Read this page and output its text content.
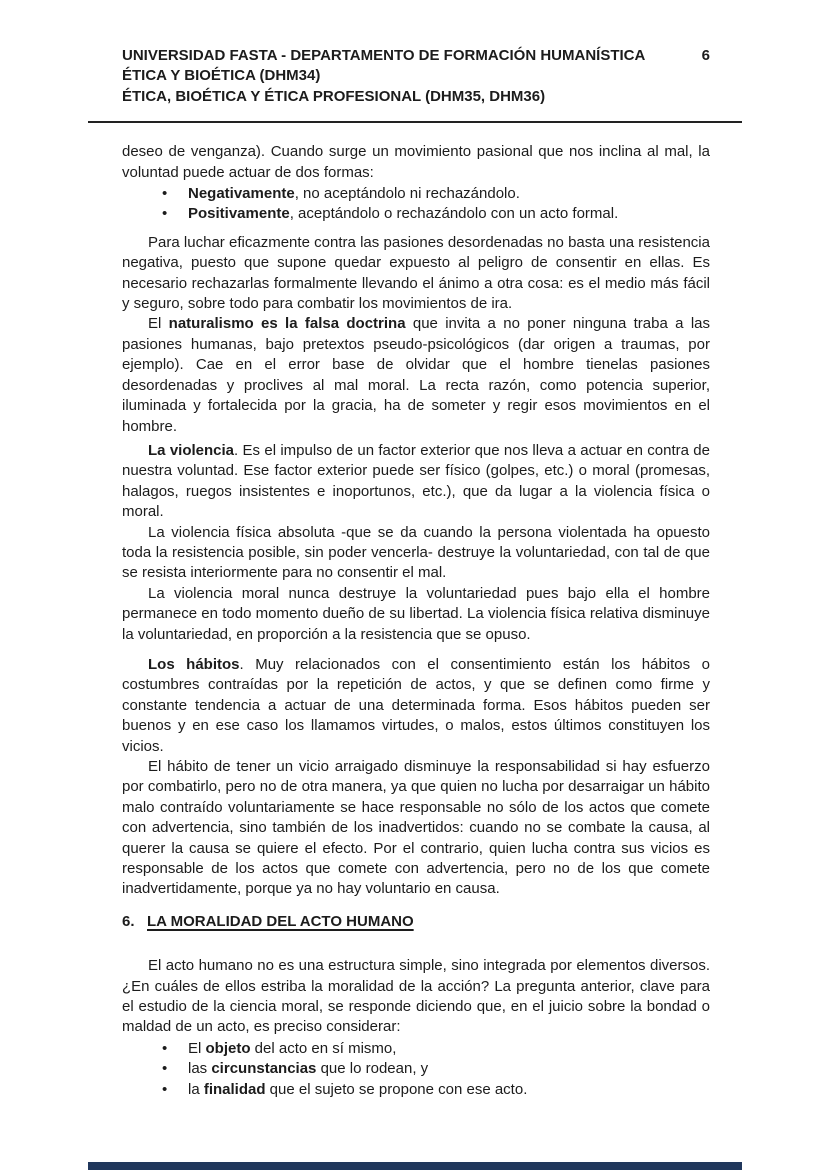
UNIVERSIDAD FASTA - DEPARTAMENTO DE FORMACIÓN HUMANÍSTICA	6
ÉTICA Y BIOÉTICA (DHM34)
ÉTICA, BIOÉTICA Y ÉTICA PROFESIONAL (DHM35, DHM36)

deseo de venganza). Cuando surge un movimiento pasional que nos inclina al mal, la voluntad puede actuar de dos formas:

•	Negativamente, no aceptándolo ni rechazándolo.
•	Positivamente, aceptándolo o rechazándolo con un acto formal.

Para luchar eficazmente contra las pasiones desordenadas no basta una resistencia negativa, puesto que supone quedar expuesto al peligro de consentir en ellas. Es necesario rechazarlas formalmente llevando el ánimo a otra cosa: es el medio más fácil y seguro, sobre todo para combatir los movimientos de ira.

El naturalismo es la falsa doctrina que invita a no poner ninguna traba a las pasiones humanas, bajo pretextos pseudo-psicológicos (dar origen a traumas, por ejemplo). Cae en el error base de olvidar que el hombre tienelas pasiones desordenadas y proclives al mal moral. La recta razón, como potencia superior, iluminada y fortalecida por la gracia, ha de someter y regir esos movimientos en el hombre.

La violencia. Es el impulso de un factor exterior que nos lleva a actuar en contra de nuestra voluntad. Ese factor exterior puede ser físico (golpes, etc.) o moral (promesas, halagos, ruegos insistentes e inoportunos, etc.), que da lugar a la violencia física o moral.

La violencia física absoluta -que se da cuando la persona violentada ha opuesto toda la resistencia posible, sin poder vencerla- destruye la voluntariedad, con tal de que se resista interiormente para no consentir el mal.

La violencia moral nunca destruye la voluntariedad pues bajo ella el hombre permanece en todo momento dueño de su libertad. La violencia física relativa disminuye la voluntariedad, en proporción a la resistencia que se opuso.

Los hábitos. Muy relacionados con el consentimiento están los hábitos o costumbres contraídas por la repetición de actos, y que se definen como firme y constante tendencia a actuar de una determinada forma. Esos hábitos pueden ser buenos y en ese caso los llamamos virtudes, o malos, estos últimos constituyen los vicios.

El hábito de tener un vicio arraigado disminuye la responsabilidad si hay esfuerzo por combatirlo, pero no de otra manera, ya que quien no lucha por desarraigar un hábito malo contraído voluntariamente se hace responsable no sólo de los actos que comete con advertencia, sino también de los inadvertidos: cuando no se combate la causa, al querer la causa se quiere el efecto. Por el contrario, quien lucha contra sus vicios es responsable de los actos que comete con advertencia, pero no de los que comete inadvertidamente, porque ya no hay voluntario en causa.

6. LA MORALIDAD DEL ACTO HUMANO

El acto humano no es una estructura simple, sino integrada por elementos diversos. ¿En cuáles de ellos estriba la moralidad de la acción? La pregunta anterior, clave para el estudio de la ciencia moral, se responde diciendo que, en el juicio sobre la bondad o maldad de un acto, es preciso considerar:

•	El objeto del acto en sí mismo,
•	las circunstancias que lo rodean, y
•	la finalidad que el sujeto se propone con ese acto.
